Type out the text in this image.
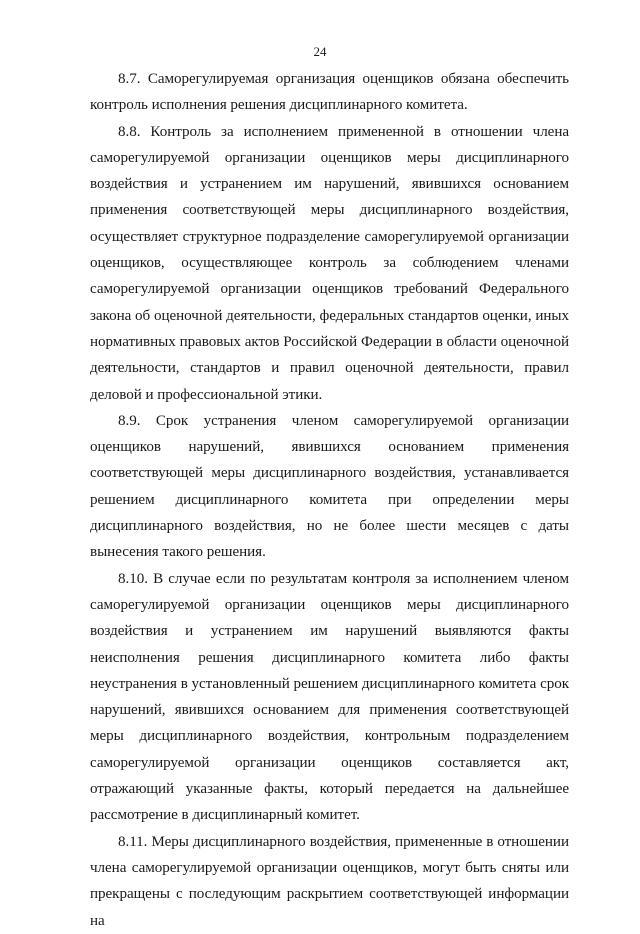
24

8.7. Саморегулируемая организация оценщиков обязана обеспечить контроль исполнения решения дисциплинарного комитета.

8.8. Контроль за исполнением примененной в отношении члена саморегулируемой организации оценщиков меры дисциплинарного воздействия и устранением им нарушений, явившихся основанием применения соответствующей меры дисциплинарного воздействия, осуществляет структурное подразделение саморегулируемой организации оценщиков, осуществляющее контроль за соблюдением членами саморегулируемой организации оценщиков требований Федерального закона об оценочной деятельности, федеральных стандартов оценки, иных нормативных правовых актов Российской Федерации в области оценочной деятельности, стандартов и правил оценочной деятельности, правил деловой и профессиональной этики.

8.9. Срок устранения членом саморегулируемой организации оценщиков нарушений, явившихся основанием применения соответствующей меры дисциплинарного воздействия, устанавливается решением дисциплинарного комитета при определении меры дисциплинарного воздействия, но не более шести месяцев с даты вынесения такого решения.

8.10. В случае если по результатам контроля за исполнением членом саморегулируемой организации оценщиков меры дисциплинарного воздействия и устранением им нарушений выявляются факты неисполнения решения дисциплинарного комитета либо факты неустранения в установленный решением дисциплинарного комитета срок нарушений, явившихся основанием для применения соответствующей меры дисциплинарного воздействия, контрольным подразделением саморегулируемой организации оценщиков составляется акт, отражающий указанные факты, который передается на дальнейшее рассмотрение в дисциплинарный комитет.

8.11. Меры дисциплинарного воздействия, примененные в отношении члена саморегулируемой организации оценщиков, могут быть сняты или прекращены с последующим раскрытием соответствующей информации на
